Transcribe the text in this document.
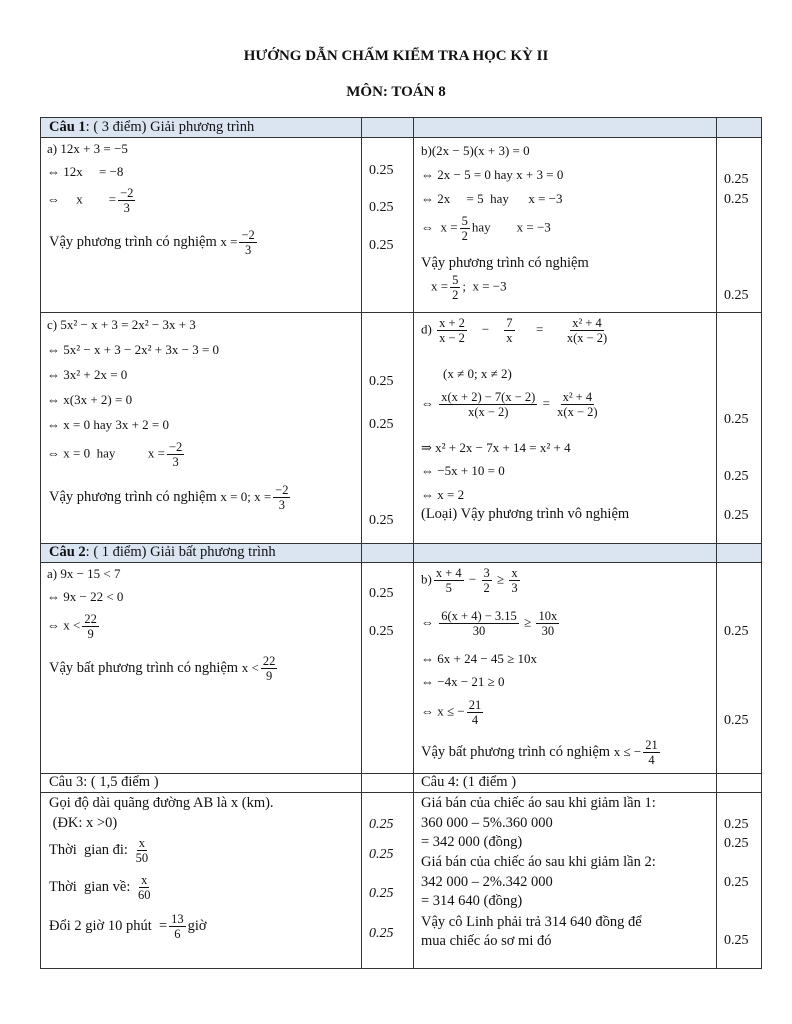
HƯỚNG DẪN CHẤM KIỂM TRA HỌC KỲ II
MÔN: TOÁN 8
Câu 1: ( 3 điểm) Giải phương trình
a) 12x + 3 = −5
⇔ 12x     = −8
⇔     x        = $\frac{-2}{3}$
Vậy phương trình có nghiệm $x = \frac{-2}{3}$
0.25
0.25
0.25
b)(2x − 5)(x + 3) = 0
⇔ 2x − 5 = 0 hay x + 3 = 0
⇔ 2x     = 5  hay      x = −3
⇔  $x = \frac{5}{2}$ hay        x = −3
Vậy phương trình có nghiệm
$x = \frac{5}{2}$ ;  x = −3
0.25
0.25
0.25
c) 5x² − x + 3 = 2x² − 3x + 3
⇔ 5x² − x + 3 − 2x² + 3x − 3 = 0
⇔ 3x² + 2x = 0
⇔ x(3x + 2) = 0
⇔ x = 0 hay 3x + 2 = 0
⇔ x = 0  hay          $x = \frac{-2}{3}$
Vậy phương trình có nghiệm x = 0; $x = \frac{-2}{3}$
0.25
0.25
0.25
$d) \frac{x + 2}{x - 2} - \frac{7}{x} = \frac{\text{x² + 4}}{x(x - 2)}$
(x ≠ 0; x ≠ 2)
⇔ $\frac{x(x + 2) - 7(x - 2)}{x(x - 2)} = \frac{\text{x² + 4}}{x(x - 2)}$
⇒ x² + 2x − 7x + 14 = x² + 4
⇔ −5x + 10 = 0
⇔ x = 2
(Loại) Vậy phương trình vô nghiệm
0.25
0.25
0.25
Câu 2: ( 1 điểm) Giải bất phương trình
a) 9x − 15 < 7
⇔ 9x − 22 < 0
⇔ $x < \frac{22}{9}$
Vậy bất phương trình có nghiệm $x < \frac{22}{9}$
0.25
0.25
$b) \frac{x + 4}{5} - \frac{3}{2} \ge \frac{x}{3}$
⇔ $\frac{6(x + 4) - 3.15}{30} \ge \frac{10x}{30}$
⇔ 6x + 24 − 45 ≥ 10x
⇔ −4x − 21 ≥ 0
⇔ x ≤ − $\frac{21}{4}$
Vậy bất phương trình có nghiệm x ≤ − $\frac{21}{4}$
0.25
0.25
Câu 3: ( 1,5 điểm )
Gọi độ dài quãng đường AB là x (km).
(ĐK: x >0)
Thời  gian đi: $\frac{x}{50}$
Thời  gian về: $\frac{x}{60}$
Đổi 2 giờ 10 phút  = $\frac{13}{6}$ giờ
0.25
0.25
0.25
0.25
Câu 4: (1 điểm )
Giá bán của chiếc áo sau khi giảm lần 1:
360 000 – 5%.360 000
= 342 000 (đồng)
Giá bán của chiếc áo sau khi giảm lần 2:
342 000 – 2%.342 000
= 314 640 (đồng)
Vậy cô Linh phải trả 314 640 đồng để
mua chiếc áo sơ mi đó
0.25
0.25
0.25
0.25
